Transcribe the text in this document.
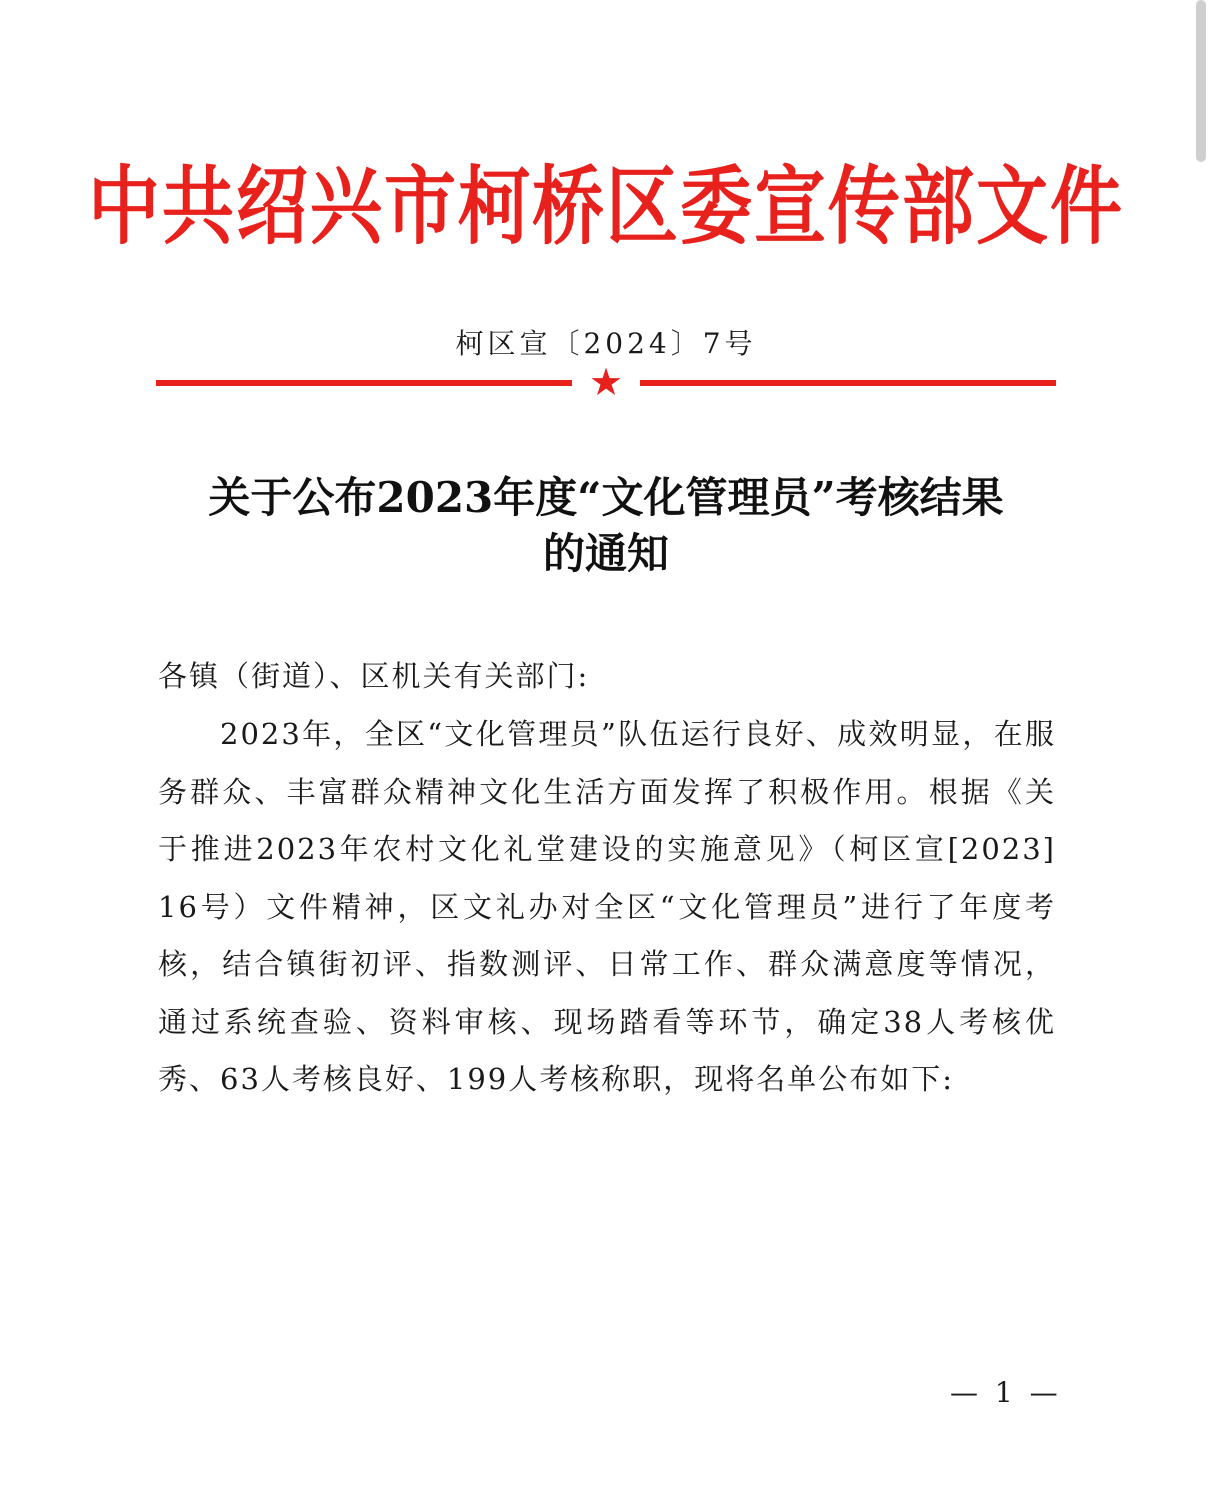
中共绍兴市柯桥区委宣传部文件
柯区宣〔2024〕7号
★
关于公布2023年度“文化管理员”考核结果
的通知
各镇（街道）、区机关有关部门:
2023年，全区“文化管理员”队伍运行良好、成效明显，在服务群众、丰富群众精神文化生活方面发挥了积极作用。根据《关于推进2023年农村文化礼堂建设的实施意见》（柯区宣[2023] 16号）文件精神，区文礼办对全区“文化管理员”进行了年度考核，结合镇街初评、指数测评、日常工作、群众满意度等情况，通过系统查验、资料审核、现场踏看等环节，确定38人考核优秀、63人考核良好、199人考核称职，现将名单公布如下:
— 1 —
